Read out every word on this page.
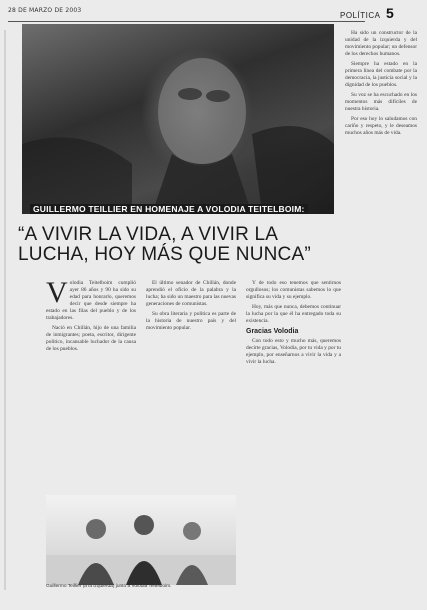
28 DE MARZO DE 2003
POLÍTICA 5
GUILLERMO TEILLIER EN HOMENAJE A VOLODIA TEITELBOIM:
“A VIVIR LA VIDA, A VIVIR LA LUCHA, HOY MÁS QUE NUNCA”

Volodia Teitelboim cumplió ayer 86 años y 90 ha sido su edad para honrarlo, queremos decir que desde siempre ha estado en las filas del pueblo y de los trabajadores.

Nació en Chillán, hijo de una familia de inmigrantes; poeta, escritor, dirigente político, incansable luchador de la causa de los pueblos.

El último senador de Chillán, donde aprendió el oficio de la palabra y la lucha; ha sido un maestro para las nuevas generaciones de comunistas.

Su obra literaria y política es parte de la historia de nuestro país y del movimiento popular.

Y de todo eso tenemos que sentirnos orgullosos; los comunistas sabemos lo que significa su vida y su ejemplo.

Hoy, más que nunca, debemos continuar la lucha por la que él ha entregado toda su existencia.

Gracias Volodia

Con todo esto y mucho más, queremos decirte gracias, Volodia, por tu vida y por tu ejemplo, por enseñarnos a vivir la vida y a vivir la lucha.

Ha sido un constructor de la unidad de la izquierda y del movimiento popular; un defensor de los derechos humanos.

Siempre ha estado en la primera línea del combate por la democracia, la justicia social y la dignidad de los pueblos.

Su voz se ha escuchado en los momentos más difíciles de nuestra historia.

Por eso hoy lo saludamos con cariño y respeto, y le deseamos muchos años más de vida.

Guillermo Teillier (a la izquierda) junto a Volodia Teitelboim.
